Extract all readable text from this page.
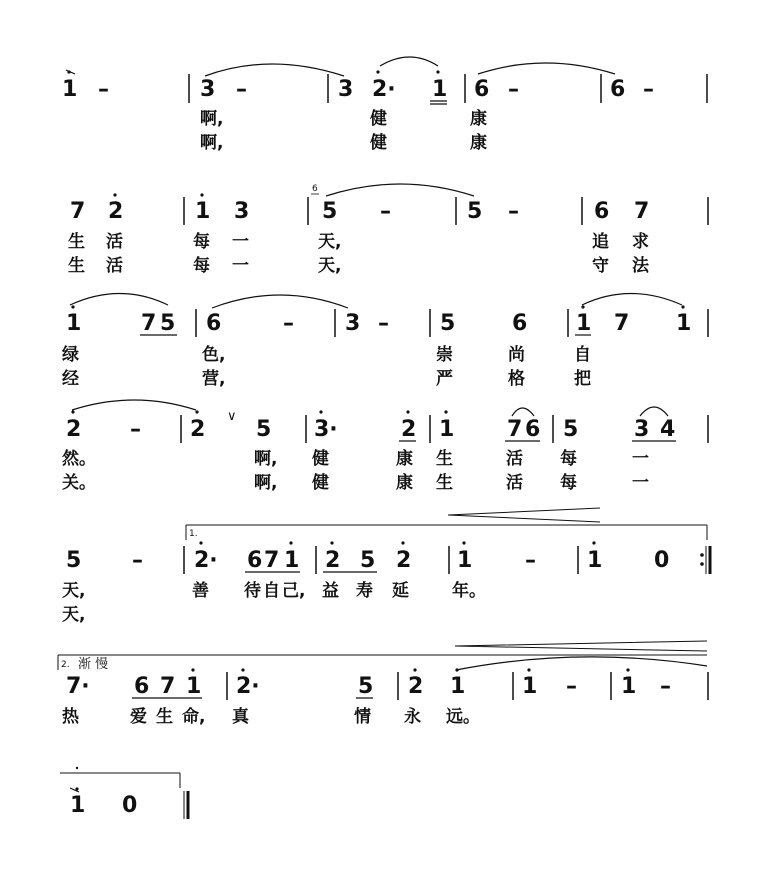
1 –	3 –	3 2· 1 6 –	6 –
啊,	健	康
啊,	健	康
7 2	1 3
6
5 –	5 –	6 7
生 活	每 一	天,	追 求
生 活	每 一	天,	守 法
1	7 5 6	– 3 – 5	6 1 7 1
绿	色,	崇	尚	自
经	营,	严	格	把
2 – 2
∨
5 3·	2 1 7 6 5	3 4
然。	啊, 健	康 生	活 每	一
关。	啊, 健	康 生	活 每	一
1.
5 – 2· 6 7 1 2 5 2 1 – 1 0
天,	善 待 自 己, 益 寿 延	年。
天,
2. 渐 慢
7· 6 7 1 2·	5 2 1	1 – 1 –
热	爱 生 命, 真	情 永 远。
1 0
